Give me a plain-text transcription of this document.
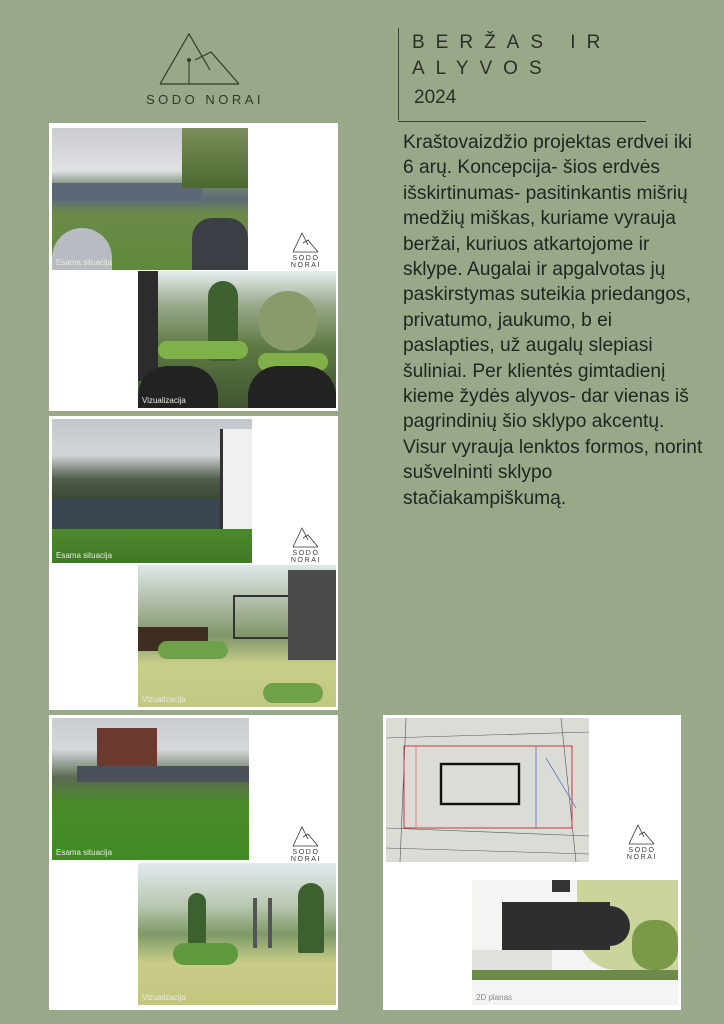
SODO NORAI
BERŽAS IR
ALYVOS
2024
Kraštovaizdžio projektas erdvei iki 6 arų. Koncepcija- šios erdvės išskirtinumas- pasitinkantis mišrių medžių miškas, kuriame vyrauja beržai, kuriuos atkartojome ir sklype. Augalai ir apgalvotas jų paskirstymas suteikia priedangos, privatumo, jaukumo, b ei paslapties, už augalų slepiasi šuliniai. Per klientės gimtadienį kieme žydės alyvos- dar vienas iš pagrindinių šio sklypo akcentų. Visur vyrauja lenktos formos, norint sušvelninti sklypo stačiakampiškumą.
Esama situacija	SODO NORAI
Vizualizacija
Esama situacija	SODO NORAI
Vizualizacija
Esama situacija	SODO NORAI
Vizualizacija
SODO NORAI
2D planas
